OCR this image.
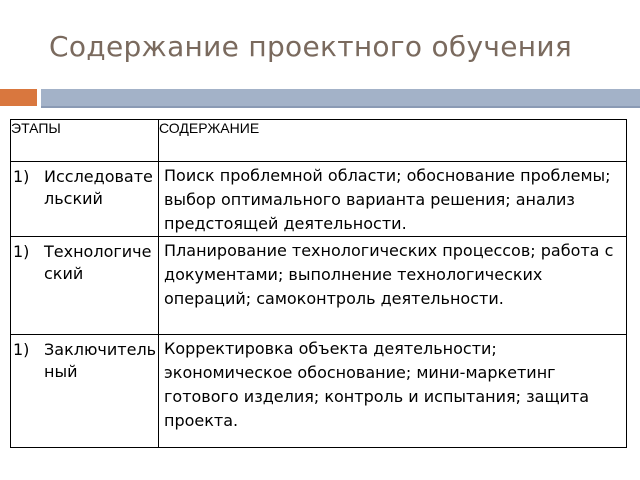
Содержание проектного обучения
ЭТАПЫ	СОДЕРЖАНИЕ

1) Исследовательский	Поиск проблемной области; обоснование проблемы; выбор оптимального варианта решения; анализ предстоящей деятельности.

1) Технологический	Планирование технологических процессов; работа с документами; выполнение технологических операций; самоконтроль деятельности.

1) Заключительный	Корректировка объекта деятельности; экономическое обоснование; мини-маркетинг готового изделия; контроль и испытания; защита проекта.
